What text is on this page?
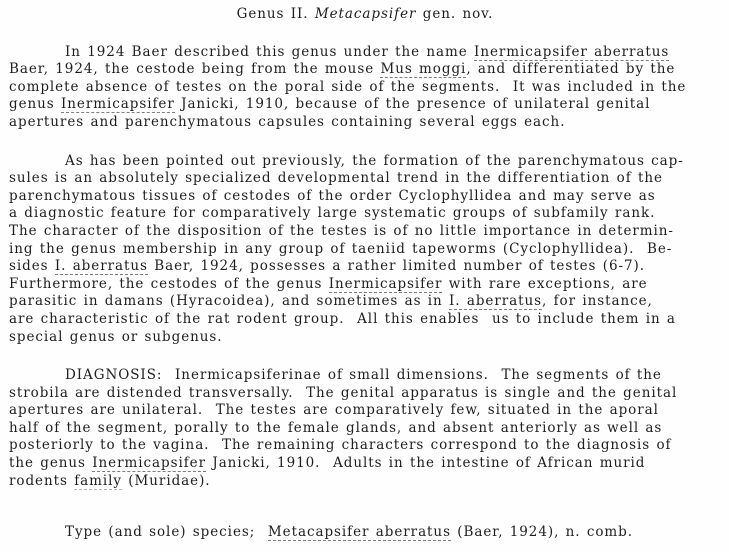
Genus II. Metacapsifer gen. nov.
In 1924 Baer described this genus under the name Inermicapsifer aberratus
Baer, 1924, the cestode being from the mouse Mus moggi, and differentiated by the
complete absence of testes on the poral side of the segments.  It was included in the
genus Inermicapsifer Janicki, 1910, because of the presence of unilateral genital
apertures and parenchymatous capsules containing several eggs each.
As has been pointed out previously, the formation of the parenchymatous cap-
sules is an absolutely specialized developmental trend in the differentiation of the
parenchymatous tissues of cestodes of the order Cyclophyllidea and may serve as
a diagnostic feature for comparatively large systematic groups of subfamily rank.
The character of the disposition of the testes is of no little importance in determin-
ing the genus membership in any group of taeniid tapeworms (Cyclophyllidea).  Be-
sides I. aberratus Baer, 1924, possesses a rather limited number of testes (6-7).
Furthermore, the cestodes of the genus Inermicapsifer with rare exceptions, are
parasitic in damans (Hyracoidea), and sometimes as in I. aberratus, for instance,
are characteristic of the rat rodent group.  All this enables  us to include them in a
special genus or subgenus.
DIAGNOSIS:  Inermicapsiferinae of small dimensions.  The segments of the
strobila are distended transversally.  The genital apparatus is single and the genital
apertures are unilateral.  The testes are comparatively few, situated in the aporal
half of the segment, porally to the female glands, and absent anteriorly as well as
posteriorly to the vagina.  The remaining characters correspond to the diagnosis of
the genus Inermicapsifer Janicki, 1910.  Adults in the intestine of African murid
rodents family (Muridae).
Type (and sole) species;  Metacapsifer aberratus (Baer, 1924), n. comb.
